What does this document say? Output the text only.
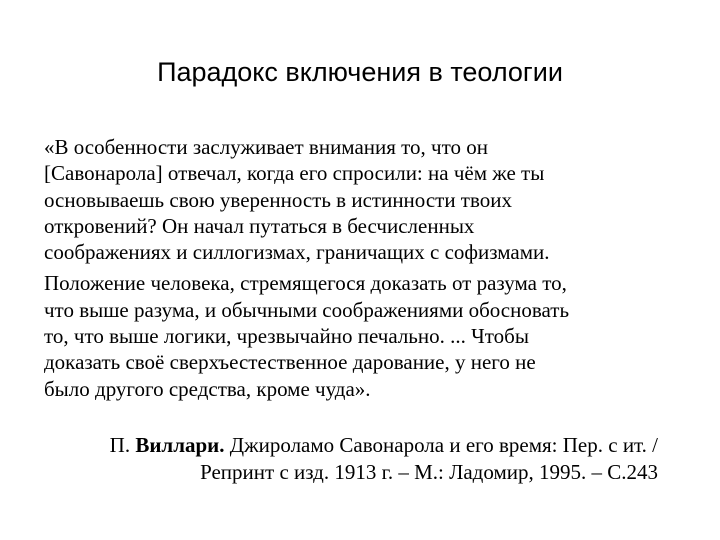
Парадокс включения в теологии
«В особенности заслуживает внимания то, что он
[Савонарола] отвечал, когда его спросили: на чём же ты
основываешь свою уверенность в истинности твоих
откровений? Он начал путаться в бесчисленных
соображениях и силлогизмах, граничащих с софизмами.
Положение человека, стремящегося доказать от разума то,
что выше разума, и обычными соображениями обосновать
то, что выше логики, чрезвычайно печально. ... Чтобы
доказать своё сверхъестественное дарование, у него не
было другого средства, кроме чуда».
П. Виллари. Джироламо Савонарола и его время: Пер. с ит. /
Репринт с изд. 1913 г. – М.: Ладомир, 1995. – С.243
